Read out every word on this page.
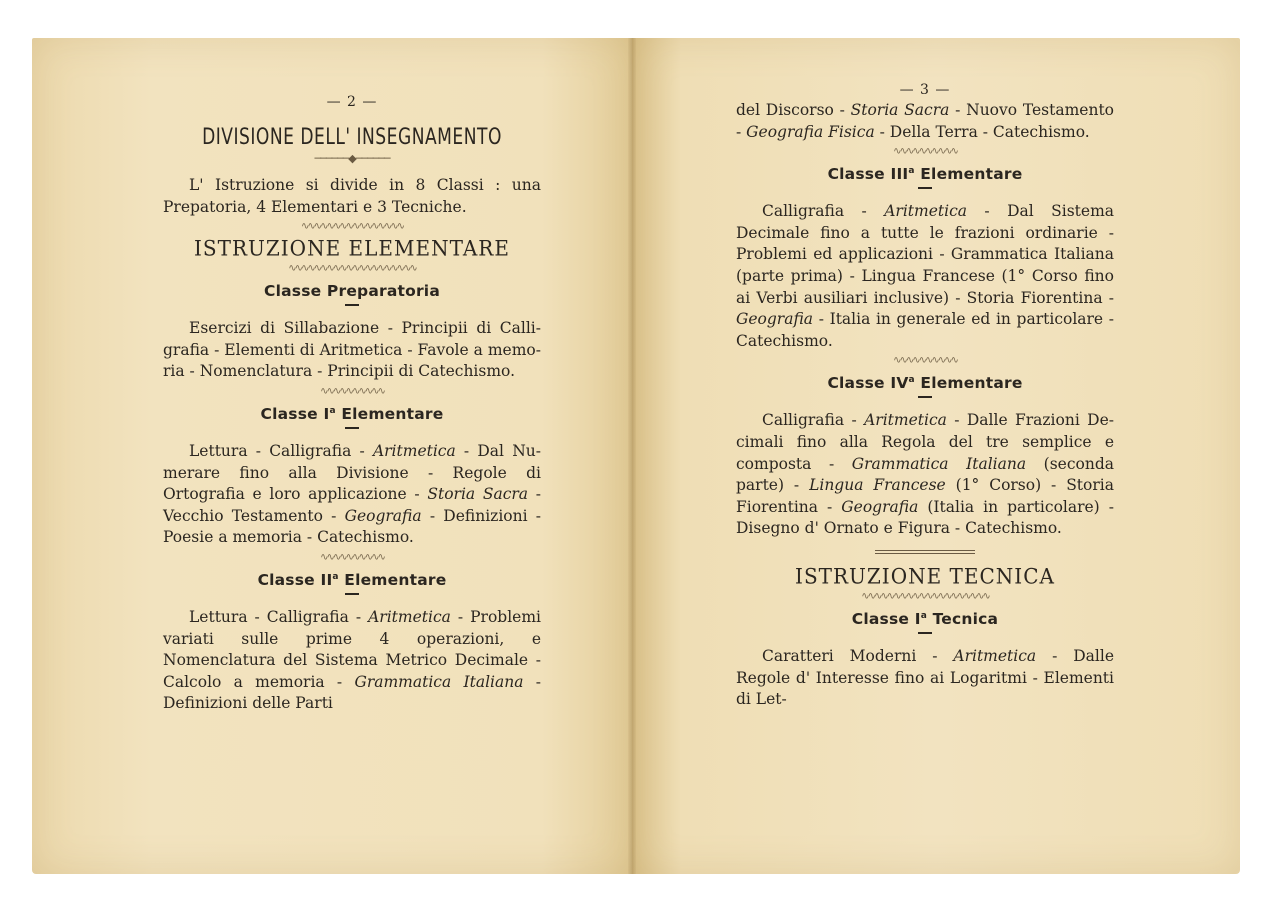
— 2 —
DIVISIONE DELL' INSEGNAMENTO
──────◆──────

L' Istruzione si divide in 8 Classi : una Prepatoria, 4 Elementari e 3 Tecniche.

∿∿∿∿∿∿∿∿∿∿∿∿∿∿∿∿
ISTRUZIONE ELEMENTARE
∿∿∿∿∿∿∿∿∿∿∿∿∿∿∿∿∿∿∿∿
Classe Preparatoria

Esercizi di Sillabazione - Principii di Calligrafia - Elementi di Aritmetica - Favole a memoria - Nomenclatura - Principii di Catechismo.

∿∿∿∿∿∿∿∿∿∿
Classe $I^a$ Elementare

Lettura - Calligrafia - Aritmetica - Dal Numerare fino alla Divisione - Regole di Ortografia e loro applicazione - Storia Sacra - Vecchio Testamento - Geografia - Definizioni - Poesie a memoria - Catechismo.

∿∿∿∿∿∿∿∿∿∿
Classe $II^a$ Elementare

Lettura - Calligrafia - Aritmetica - Problemi variati sulle prime 4 operazioni, e Nomenclatura del Sistema Metrico Decimale - Calcolo a memoria - Grammatica Italiana - Definizioni delle Parti

— 3 —

del Discorso - Storia Sacra - Nuovo Testamento - Geografia Fisica - Della Terra - Catechismo.

∿∿∿∿∿∿∿∿∿∿
Classe III$^a$ Elementare

Calligrafia - Aritmetica - Dal Sistema Decimale fino a tutte le frazioni ordinarie - Problemi ed applicazioni - Grammatica Italiana (parte prima) - Lingua Francese (1° Corso fino ai Verbi ausiliari inclusive) - Storia Fiorentina - Geografia - Italia in generale ed in particolare - Catechismo.

∿∿∿∿∿∿∿∿∿∿
Classe $IV^a$ Elementare

Calligrafia - Aritmetica - Dalle Frazioni Decimali fino alla Regola del tre semplice e composta - Grammatica Italiana (seconda parte) - Lingua Francese (1° Corso) - Storia Fiorentina - Geografia (Italia in particolare) - Disegno d' Ornato e Figura - Catechismo.

ISTRUZIONE TECNICA
∿∿∿∿∿∿∿∿∿∿∿∿∿∿∿∿∿∿∿∿
Classe $I^a$ Tecnica

Caratteri Moderni - Aritmetica - Dalle Regole d' Interesse fino ai Logaritmi - Elementi di Let-
